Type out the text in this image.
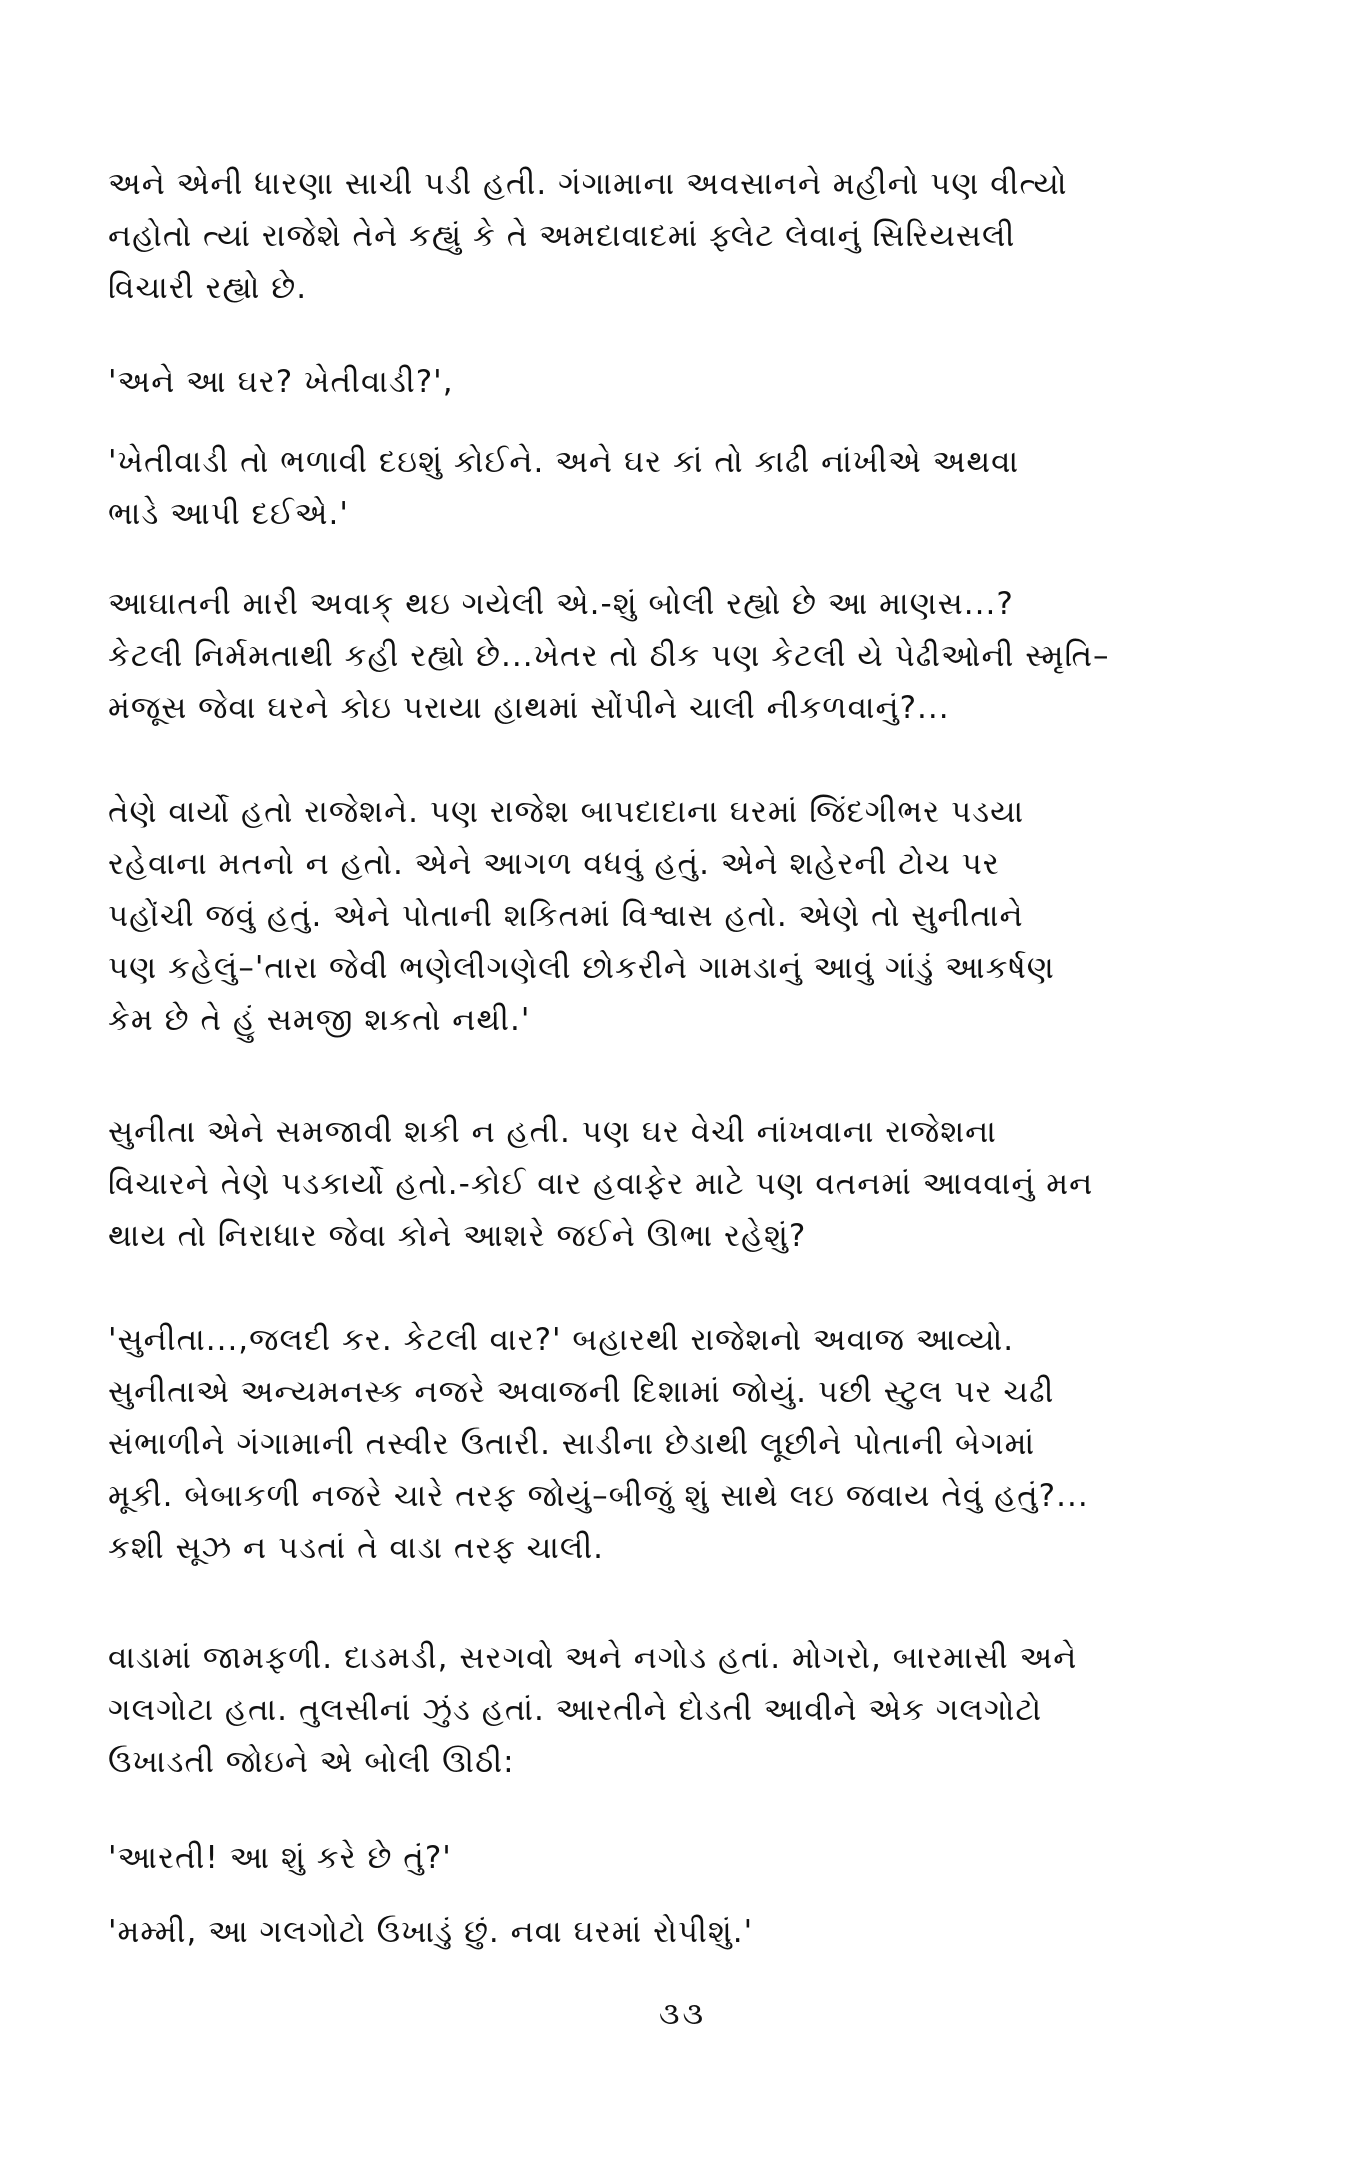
અને એની ધારણા સાચી પડી હતી. ગંગામાના અવસાનને મહીનો પણ વીત્યો
નહોતો ત્યાં રાજેશે તેને કહ્યું કે તે અમદાવાદમાં ફ્લેટ લેવાનું સિરિયસલી
વિચારી રહ્યો છે.
'અને આ ઘર? ખેતીવાડી?',
'ખેતીવાડી તો ભળાવી દઇશું કોઈને. અને ઘર કાં તો કાઢી નાંખીએ અથવા
ભાડે આપી દઈએ.'
આઘાતની મારી અવાક્ થઇ ગયેલી એ.-શું બોલી રહ્યો છે આ માણસ...?
કેટલી નિર્મમતાથી કહી રહ્યો છે...ખેતર તો ઠીક પણ કેટલી યે પેઢીઓની સ્મૃતિ–
મંજૂસ જેવા ઘરને કોઇ પરાયા હાથમાં સોંપીને ચાલી નીકળવાનું?...
તેણે વાર્યો હતો રાજેશને. પણ રાજેશ બાપદાદાના ઘરમાં જિંદગીભર પડયા
રહેવાના મતનો ન હતો. એને આગળ વધવું હતું. એને શહેરની ટોચ પર
પહોંચી જવું હતું. એને પોતાની શકિતમાં વિશ્વાસ હતો. એણે તો સુનીતાને
પણ કહેલું–'તારા જેવી ભણેલીગણેલી છોકરીને ગામડાનું આવું ગાંડું આકર્ષણ
કેમ છે તે હું સમજી શકતો નથી.'
સુનીતા એને સમજાવી શકી ન હતી. પણ ઘર વેચી નાંખવાના રાજેશના
વિચારને તેણે પડકાર્યો હતો.-કોઈ વાર હવાફેર માટે પણ વતનમાં આવવાનું મન
થાય તો નિરાધાર જેવા કોને આશરે જઈને ઊભા રહેશું?
'સુનીતા...,જલદી કર. કેટલી વાર?' બહારથી રાજેશનો અવાજ આવ્યો.
સુનીતાએ અન્યમનસ્ક નજરે અવાજની દિશામાં જોયું. પછી સ્ટુલ પર ચઢી
સંભાળીને ગંગામાની તસ્વીર ઉતારી. સાડીના છેડાથી લૂછીને પોતાની બેગમાં
મૂકી. બેબાકળી નજરે ચારે તરફ જોયું–બીજું શું સાથે લઇ જવાય તેવું હતું?...
કશી સૂઝ ન પડતાં તે વાડા તરફ ચાલી.
વાડામાં જામફળી. દાડમડી, સરગવો અને નગોડ હતાં. મોગરો, બારમાસી અને
ગલગોટા હતા. તુલસીનાં ઝુંડ હતાં. આરતીને દોડતી આવીને એક ગલગોટો
ઉખાડતી જોઇને એ બોલી ઊઠી:
'આરતી! આ શું કરે છે તું?'
'મમ્મી, આ ગલગોટો ઉખાડું છું. નવા ઘરમાં રોપીશું.'
૩૩
